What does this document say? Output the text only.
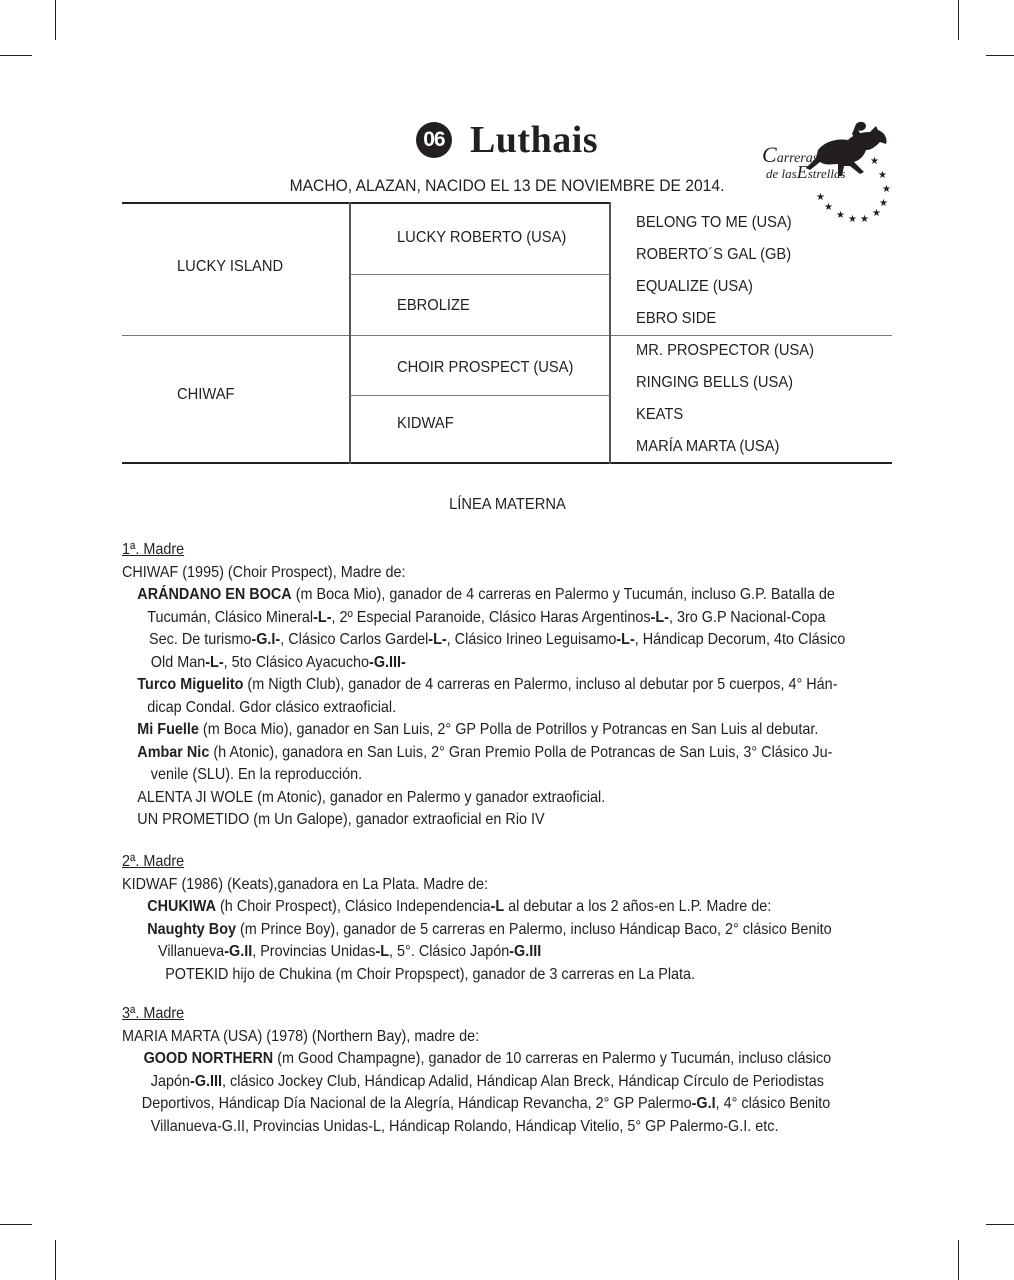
06 Luthais
MACHO, ALAZAN, NACIDO EL 13 DE NOVIEMBRE DE 2014.
★
★
★
★
★
★
★
★
★
★
Carreras
de lasEstrellas
LUCKY ISLAND
CHIWAF
LUCKY ROBERTO (USA)
EBROLIZE
CHOIR PROSPECT (USA)
KIDWAF
BELONG TO ME (USA)
ROBERTO´S GAL (GB)
EQUALIZE (USA)
EBRO SIDE
MR. PROSPECTOR (USA)
RINGING BELLS (USA)
KEATS
MARÍA MARTA (USA)
LÍNEA MATERNA
1ª. Madre
CHIWAF (1995) (Choir Prospect), Madre de:
ARÁNDANO EN BOCA (m Boca Mio), ganador de 4 carreras en Palermo y Tucumán, incluso G.P. Batalla de
Tucumán, Clásico Mineral-L-, 2º Especial Paranoide, Clásico Haras Argentinos-L-, 3ro G.P Nacional-Copa
Sec. De turismo-G.I-, Clásico Carlos Gardel-L-, Clásico Irineo Leguisamo-L-, Hándicap Decorum, 4to Clásico
Old Man-L-, 5to Clásico Ayacucho-G.III-
Turco Miguelito (m Nigth Club), ganador de 4 carreras en Palermo, incluso al debutar por 5 cuerpos, 4° Hán-
dicap Condal. Gdor clásico extraoficial.
Mi Fuelle (m Boca Mio), ganador en San Luis, 2° GP Polla de Potrillos y Potrancas en San Luis al debutar.
Ambar Nic (h Atonic), ganadora en San Luis, 2° Gran Premio Polla de Potrancas de San Luis, 3° Clásico Ju-
venile (SLU). En la reproducción.
ALENTA JI WOLE (m Atonic), ganador en Palermo y ganador extraoficial.
UN PROMETIDO (m Un Galope), ganador extraoficial en Rio IV
2ª. Madre
KIDWAF (1986) (Keats),ganadora en La Plata. Madre de:
CHUKIWA (h Choir Prospect), Clásico Independencia-L al debutar a los 2 años-en L.P. Madre de:
Naughty Boy (m Prince Boy), ganador de 5 carreras en Palermo, incluso Hándicap Baco, 2° clásico Benito
Villanueva-G.II, Provincias Unidas-L, 5°. Clásico Japón-G.III
POTEKID hijo de Chukina (m Choir Propspect), ganador de 3 carreras en La Plata.
3ª. Madre
MARIA MARTA (USA) (1978) (Northern Bay), madre de:
GOOD NORTHERN (m Good Champagne), ganador de 10 carreras en Palermo y Tucumán, incluso clásico
Japón-G.III, clásico Jockey Club, Hándicap Adalid, Hándicap Alan Breck, Hándicap Círculo de Periodistas
Deportivos, Hándicap Día Nacional de la Alegría, Hándicap Revancha, 2° GP Palermo-G.I, 4° clásico Benito
Villanueva-G.II, Provincias Unidas-L, Hándicap Rolando, Hándicap Vitelio, 5° GP Palermo-G.I. etc.
